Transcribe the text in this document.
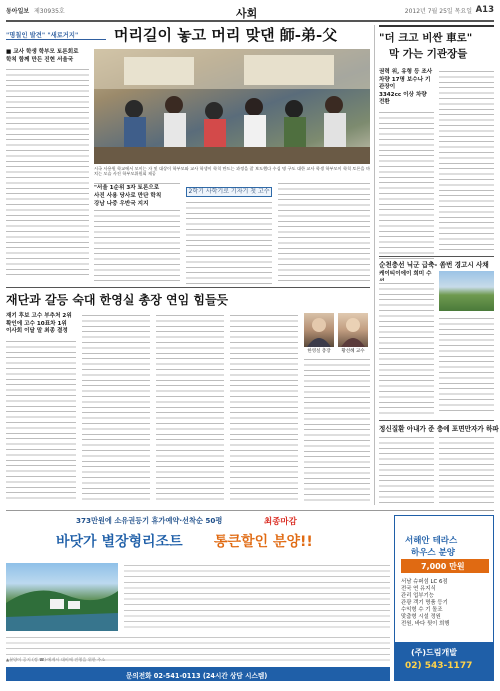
동아일보 제30935호	사회	2012년 7월 25일 목요일 A13
"명칠인 발견" "새로거지" 머리길이 놓고 머리 맞댄 師-弟-父
■ 교사 학생 학부모 토론회로
학칙 함께 만든 진현 서울국
시국 사용원 학교에서 모이는 자 및 대상이 학부모와 교사 학생이 학칙 만드는 과정을 잘 보도했다 수십 명 구도 대한 교사 학생 학부모이 학칙 토론을 마치는 모습 사진 학부모위원회 제공
2학기 사학기로 기자기 첫 고수
"서울 1순위 3자 토론으로
사진 사용 당사로 만단 학칙
강남 나중 우반국 지지
"더 크고 비싼 車로"
막 가는 기관장들
권력 위, 유형 등 조사
차량 17명 보수나 기관장이
3342cc 이상 차량 전환
순천충선 닉군 급축- 쏨번 경고시 사채
케이티이에이 희미 수
정신질환 아내가 준 충에 포면만자가 하파
재단과 갈등 숙대 한영실 총장 연임 힘들듯
재기 후보 고수 부추처 2위
확인에 고수 10표차 1위
이사회 이달 말 최종 결정
한영실 총장	황선혜 교수
373만원에 소유권등기 휴가예약·선착순 50평	최종마감
바닷가 별장형리조트 통큰할인 분양!!
문의전화 02-541-0113 (24시간 상담 시스템)
▲분양이 공지 (정 ☎)·에게시 대비에 진행을 위한 주소
서해안 테라스
하우스 분양
7,000 만원
서남 슈퍼섬 LC 6점
전국 연 유지식
관리 업부기능
관광 객기 명품 등기
수익형 수 기 돌조
맞춤형 시설 정원
전원, 바다 뒷이 희행
(주)드림개발
02) 543-1177
